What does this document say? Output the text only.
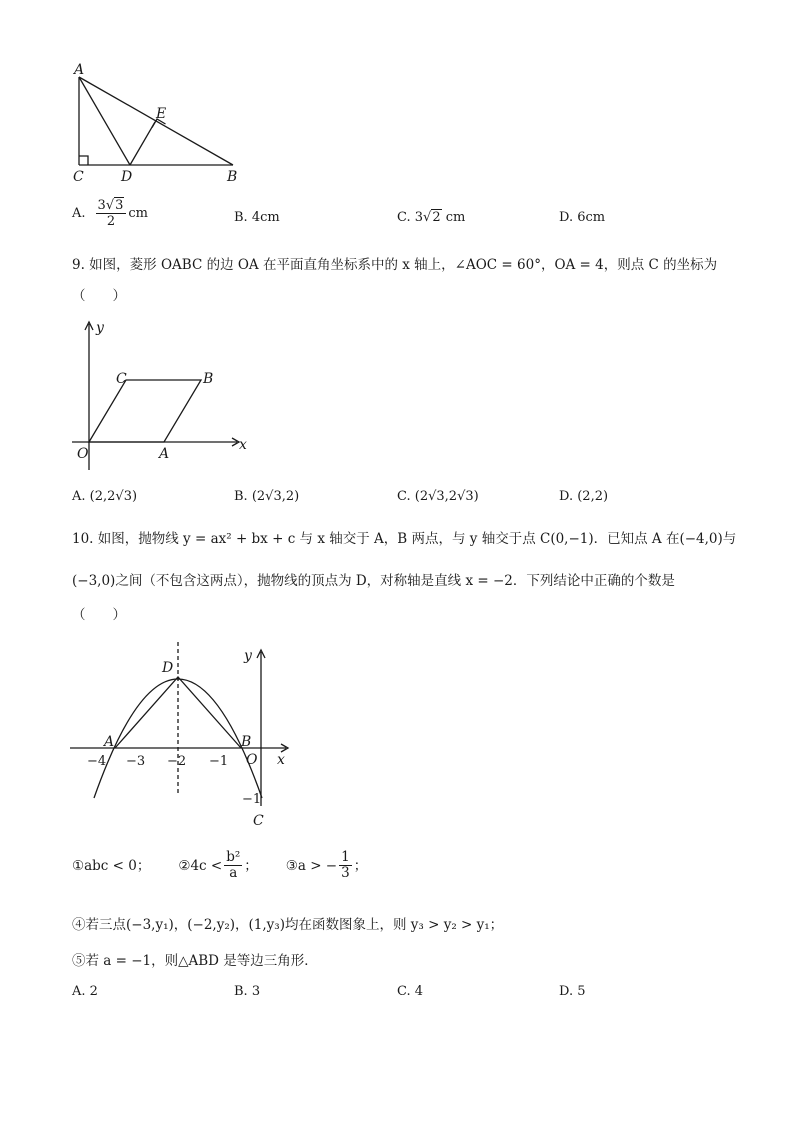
A
C	D	B
E
A. $\frac{3√3}{2}$ cm	B. 4cm	C. 3√2 cm	D. 6cm
9. 如图，菱形 OABC 的边 OA 在平面直角坐标系中的 x 轴上，∠AOC = 60°，OA = 4，则点 C 的坐标为
（　　）
y
x
O	A
C	B
A. (2,2√3)	B. (2√3,2)	C. (2√3,2√3)	D. (2,2)
10. 如图，抛物线 y = ax² + bx + c 与 x 轴交于 A，B 两点，与 y 轴交于点 C(0,−1)．已知点 A 在(−4,0)与
(−3,0)之间（不包含这两点），抛物线的顶点为 D，对称轴是直线 x = −2．下列结论中正确的个数是
（　　）
D
A	B
O x
y
C
−4 −3 −2 −1
−1
①abc < 0； ②4c < $\frac{\text{b²}}{a}$ ； ③a > − $\frac{1}{3}$ ；
④若三点(−3,y₁)，(−2,y₂)，(1,y₃)均在函数图象上，则 y₃ > y₂ > y₁；
⑤若 a = −1，则△ABD 是等边三角形．
A. 2	B. 3	C. 4	D. 5
